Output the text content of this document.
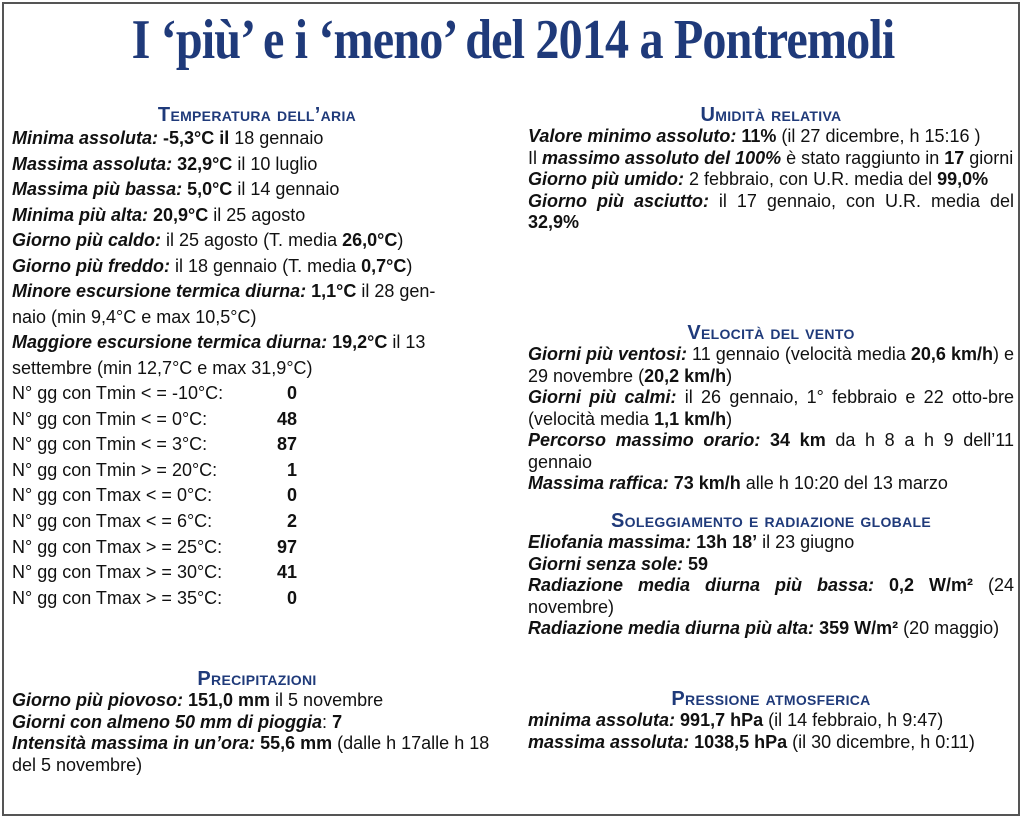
I ‘più’ e i ‘meno’ del 2014 a Pontremoli
Temperatura dell’aria
Minima assoluta: -5,3°C il 18 gennaio
Massima assoluta: 32,9°C il 10 luglio
Massima più bassa: 5,0°C il 14 gennaio
Minima più alta: 20,9°C il 25 agosto
Giorno più caldo: il 25 agosto (T. media 26,0°C)
Giorno più freddo: il 18 gennaio (T. media 0,7°C)
Minore escursione termica diurna: 1,1°C il 28 gen-
naio (min 9,4°C e max 10,5°C)
Maggiore escursione termica diurna: 19,2°C il 13
settembre (min 12,7°C e max 31,9°C)
N° gg con Tmin < = -10°C:	0
N° gg con Tmin < = 0°C:	48
N° gg con Tmin < = 3°C:	87
N° gg con Tmin > = 20°C:	1
N° gg con Tmax < = 0°C:	0
N° gg con Tmax < = 6°C:	2
N° gg con Tmax > = 25°C:	97
N° gg con Tmax > = 30°C:	41
N° gg con Tmax > = 35°C:	0
Precipitazioni
Giorno più piovoso: 151,0 mm il 5 novembre
Giorni con almeno 50 mm di pioggia: 7
Intensità massima in un’ora: 55,6 mm (dalle h 17alle h 18 del 5 novembre)
Umidità relativa
Valore minimo assoluto: 11% (il 27 dicembre, h 15:16 )
Il massimo assoluto del 100% è stato raggiunto in 17 giorni
Giorno più umido: 2 febbraio, con U.R. media del 99,0%
Giorno più asciutto: il 17 gennaio, con U.R. media del 32,9%
Velocità del vento
Giorni più ventosi: 11 gennaio (velocità media 20,6 km/h) e 29 novembre (20,2 km/h)
Giorni più calmi: il 26 gennaio, 1° febbraio e 22 otto-bre (velocità media 1,1 km/h)
Percorso massimo orario: 34 km da h 8 a h 9 dell’11 gennaio
Massima raffica: 73 km/h alle h 10:20 del 13 marzo
Soleggiamento e radiazione globale
Eliofania massima: 13h 18’ il 23 giugno
Giorni senza sole: 59
Radiazione media diurna più bassa: 0,2 W/m² (24 novembre)
Radiazione media diurna più alta: 359 W/m² (20 maggio)
Pressione atmosferica
minima assoluta: 991,7 hPa (il 14 febbraio, h 9:47)
massima assoluta: 1038,5 hPa (il 30 dicembre, h 0:11)
